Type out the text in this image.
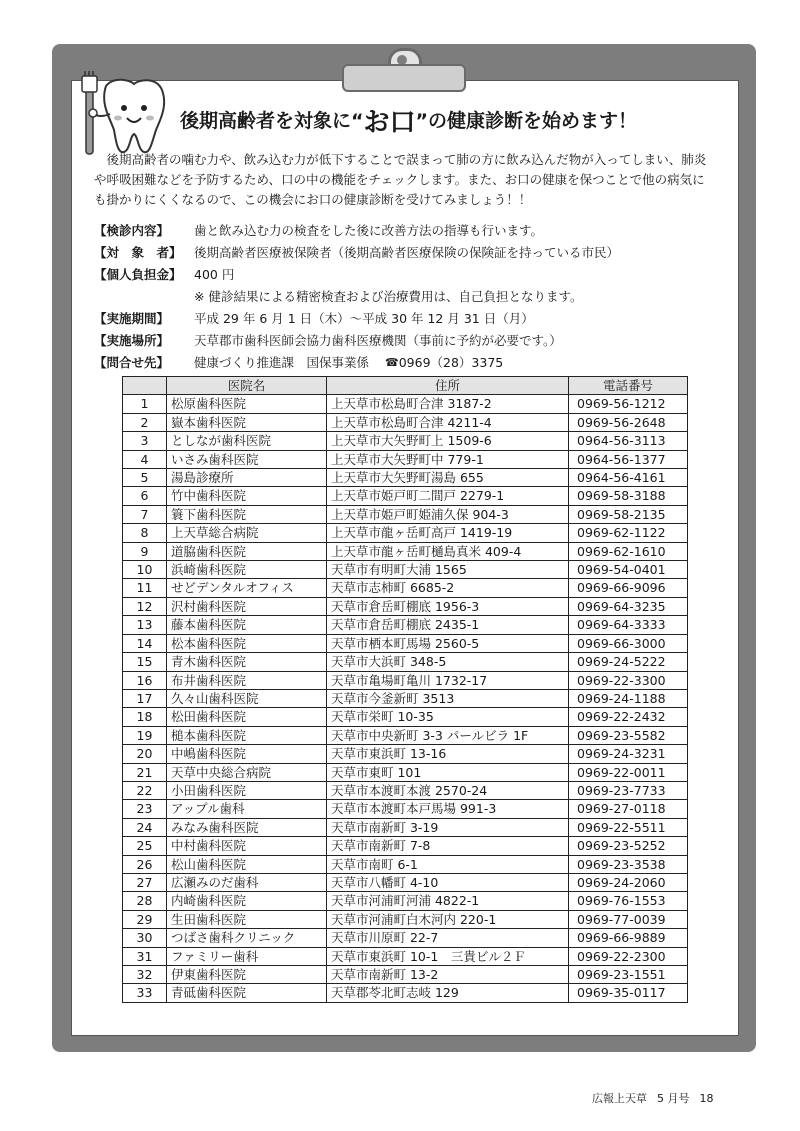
後期高齢者を対象に“お口”の健康診断を始めます！
後期高齢者の噛む力や、飲み込む力が低下することで誤まって肺の方に飲み込んだ物が入ってしまい、肺炎や呼吸困難などを予防するため、口の中の機能をチェックします。また、お口の健康を保つことで他の病気にも掛かりにくくなるので、この機会にお口の健康診断を受けてみましょう！！
【検診内容】	歯と飲み込む力の検査をした後に改善方法の指導も行います。
【対　象　者】 後期高齢者医療被保険者（後期高齢者医療保険の保険証を持っている市民）
【個人負担金】 400 円
※ 健診結果による精密検査および治療費用は、自己負担となります。
【実施期間】	平成 29 年 6 月 1 日（木）～平成 30 年 12 月 31 日（月）
【実施場所】	天草郡市歯科医師会協力歯科医療機関（事前に予約が必要です。）
【問合せ先】	健康づくり推進課　国保事業係 ☎ 0969（28）3375
	医院名	住所	電話番号
1	松原歯科医院	上天草市松島町合津 3187-2	0969-56-1212
2	嶽本歯科医院	上天草市松島町合津 4211-4	0969-56-2648
3	としなが歯科医院	上天草市大矢野町上 1509-6	0964-56-3113
4	いさみ歯科医院	上天草市大矢野町中 779-1	0964-56-1377
5	湯島診療所	上天草市大矢野町湯島 655	0964-56-4161
6	竹中歯科医院	上天草市姫戸町二間戸 2279-1	0969-58-3188
7	簑下歯科医院	上天草市姫戸町姫浦久保 904-3	0969-58-2135
8	上天草総合病院	上天草市龍ヶ岳町高戸 1419-19	0969-62-1122
9	道脇歯科医院	上天草市龍ヶ岳町樋島真米 409-4	0969-62-1610
10	浜崎歯科医院	天草市有明町大浦 1565	0969-54-0401
11	せどデンタルオフィス	天草市志柿町 6685-2	0969-66-9096
12	沢村歯科医院	天草市倉岳町棚底 1956-3	0969-64-3235
13	藤本歯科医院	天草市倉岳町棚底 2435-1	0969-64-3333
14	松本歯科医院	天草市栖本町馬場 2560-5	0969-66-3000
15	青木歯科医院	天草市大浜町 348-5	0969-24-5222
16	布井歯科医院	天草市亀場町亀川 1732-17	0969-22-3300
17	久々山歯科医院	天草市今釜新町 3513	0969-24-1188
18	松田歯科医院	天草市栄町 10-35	0969-22-2432
19	槌本歯科医院	天草市中央新町 3-3 パールビラ 1F	0969-23-5582
20	中嶋歯科医院	天草市東浜町 13-16	0969-24-3231
21	天草中央総合病院	天草市東町 101	0969-22-0011
22	小田歯科医院	天草市本渡町本渡 2570-24	0969-23-7733
23	アップル歯科	天草市本渡町本戸馬場 991-3	0969-27-0118
24	みなみ歯科医院	天草市南新町 3-19	0969-22-5511
25	中村歯科医院	天草市南新町 7-8	0969-23-5252
26	松山歯科医院	天草市南町 6-1	0969-23-3538
27	広瀬みのだ歯科	天草市八幡町 4-10	0969-24-2060
28	内崎歯科医院	天草市河浦町河浦 4822-1	0969-76-1553
29	生田歯科医院	天草市河浦町白木河内 220-1	0969-77-0039
30	つばさ歯科クリニック	天草市川原町 22-7	0969-66-9889
31	ファミリー歯科	天草市東浜町 10-1　三貴ビル２Ｆ	0969-22-2300
32	伊東歯科医院	天草市南新町 13-2	0969-23-1551
33	青砥歯科医院	天草郡苓北町志岐 129	0969-35-0117
広報上天草 5 月号 18
